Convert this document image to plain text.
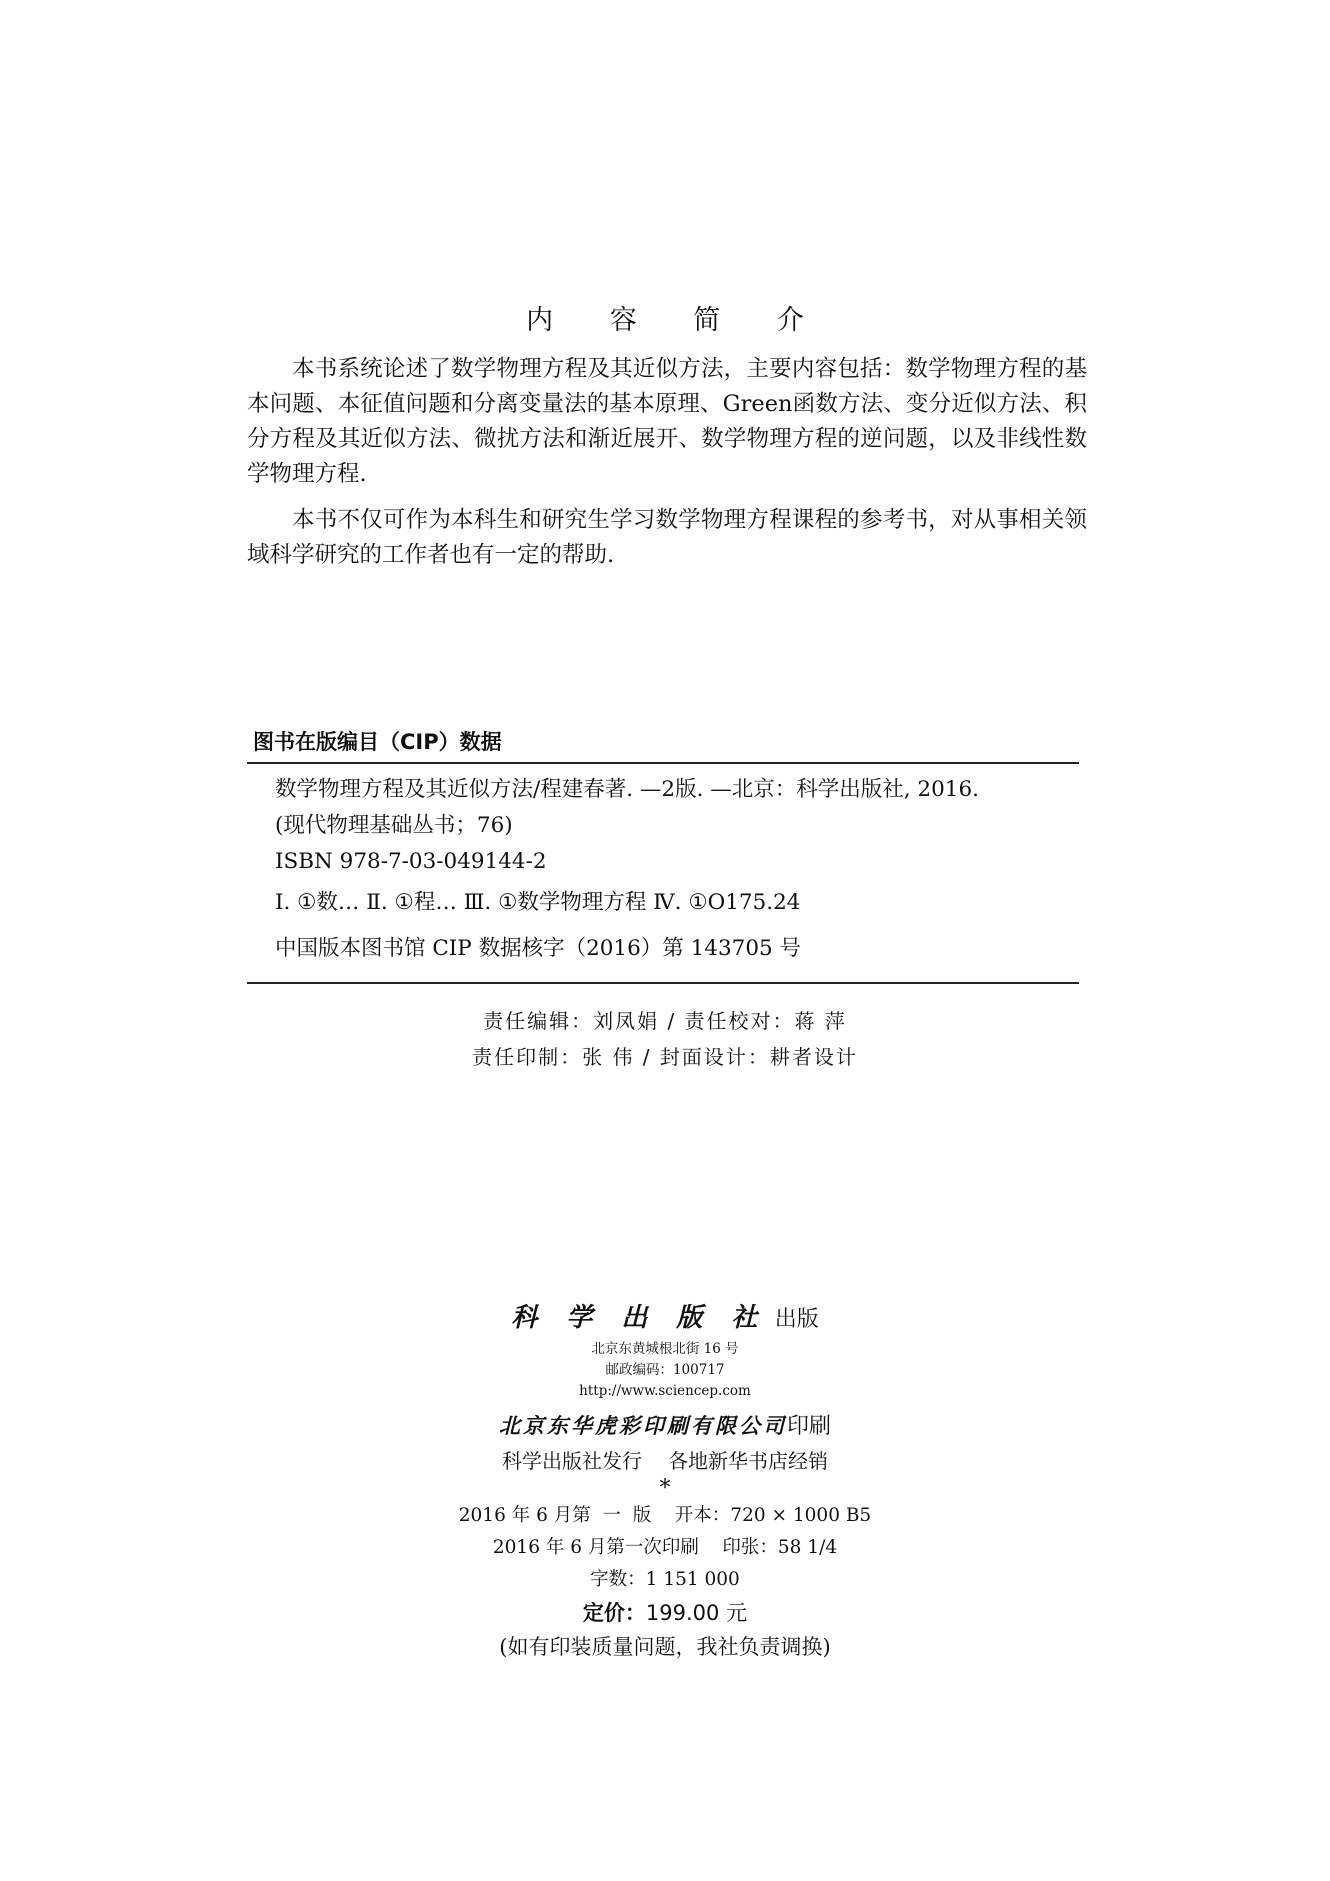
内 容 简 介

本书系统论述了数学物理方程及其近似方法，主要内容包括：数学物理方程的基本问题、本征值问题和分离变量法的基本原理、Green函数方法、变分近似方法、积分方程及其近似方法、微扰方法和渐近展开、数学物理方程的逆问题，以及非线性数学物理方程.

本书不仅可作为本科生和研究生学习数学物理方程课程的参考书，对从事相关领域科学研究的工作者也有一定的帮助.

图书在版编目（CIP）数据
数学物理方程及其近似方法/程建春著. —2版. —北京：科学出版社, 2016.
(现代物理基础丛书；76)
ISBN 978-7-03-049144-2
Ⅰ. ①数… Ⅱ. ①程… Ⅲ. ①数学物理方程 Ⅳ. ①O175.24
中国版本图书馆 CIP 数据核字（2016）第 143705 号
责任编辑：刘凤娟 / 责任校对：蒋 萍
责任印制：张 伟 / 封面设计：耕者设计
科 学 出 版 社 出版
北京东黄城根北街 16 号
邮政编码：100717
http://www.sciencep.com
北京东华虎彩印刷有限公司印刷
科学出版社发行 各地新华书店经销
*
2016 年 6 月第  一  版    开本：720 × 1000 B5
2016 年 6 月第一次印刷    印张：58 1/4
字数：1 151 000
定价：199.00 元
(如有印装质量问题，我社负责调换)
